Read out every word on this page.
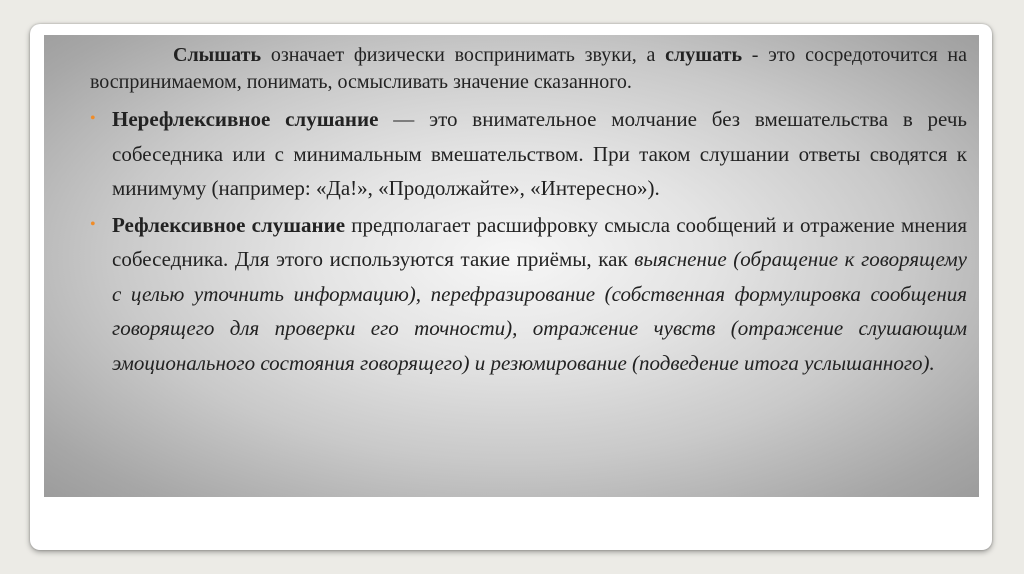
Слышать означает физически воспринимать звуки, а слушать - это сосредоточится на воспринимаемом, понимать, осмысливать значение сказанного.

• Нерефлексивное слушание — это внимательное молчание без вмешательства в речь собеседника или с минимальным вмешательством. При таком слушании ответы сводятся к минимуму (например: «Да!», «Продолжайте», «Интересно»).

• Рефлексивное слушание предполагает расшифровку смысла сообщений и отражение мнения собеседника. Для этого используются такие приёмы, как выяснение (обращение к говорящему с целью уточнить информацию), перефразирование (собственная формулировка сообщения говорящего для проверки его точности), отражение чувств (отражение слушающим эмоционального состояния говорящего) и резюмирование (подведение итога услышанного).
